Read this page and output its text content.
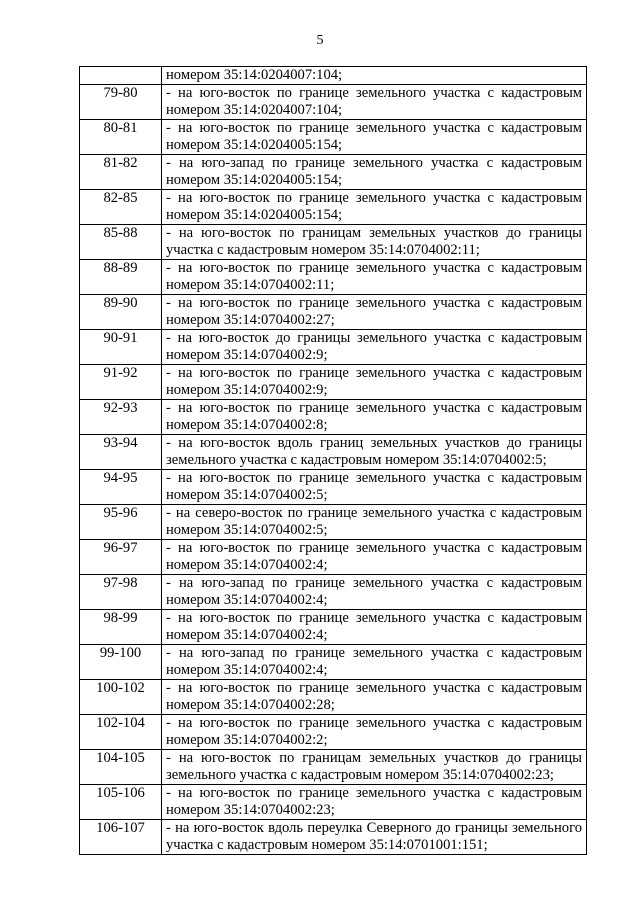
5
	номером 35:14:0204007:104;
79-80	- на юго-восток по границе земельного участка с кадастровым номером 35:14:0204007:104;
80-81	- на юго-восток по границе земельного участка с кадастровым номером 35:14:0204005:154;
81-82	- на юго-запад по границе земельного участка с кадастровым номером 35:14:0204005:154;
82-85	- на юго-восток по границе земельного участка с кадастровым номером 35:14:0204005:154;
85-88	- на юго-восток по границам земельных участков до границы участка с кадастровым номером 35:14:0704002:11;
88-89	- на юго-восток по границе земельного участка с кадастровым номером 35:14:0704002:11;
89-90	- на юго-восток по границе земельного участка с кадастровым номером 35:14:0704002:27;
90-91	- на юго-восток до границы земельного участка с кадастровым номером 35:14:0704002:9;
91-92	- на юго-восток по границе земельного участка с кадастровым номером 35:14:0704002:9;
92-93	- на юго-восток по границе земельного участка с кадастровым номером 35:14:0704002:8;
93-94	- на юго-восток вдоль границ земельных участков до границы земельного участка с кадастровым номером 35:14:0704002:5;
94-95	- на юго-восток по границе земельного участка с кадастровым номером 35:14:0704002:5;
95-96	- на северо-восток по границе земельного участка с кадастровым номером 35:14:0704002:5;
96-97	- на юго-восток по границе земельного участка с кадастровым номером 35:14:0704002:4;
97-98	- на юго-запад по границе земельного участка с кадастровым номером 35:14:0704002:4;
98-99	- на юго-восток по границе земельного участка с кадастровым номером 35:14:0704002:4;
99-100	- на юго-запад по границе земельного участка с кадастровым номером 35:14:0704002:4;
100-102	- на юго-восток по границе земельного участка с кадастровым номером 35:14:0704002:28;
102-104	- на юго-восток по границе земельного участка с кадастровым номером 35:14:0704002:2;
104-105	- на юго-восток по границам земельных участков до границы земельного участка с кадастровым номером 35:14:0704002:23;
105-106	- на юго-восток по границе земельного участка с кадастровым номером 35:14:0704002:23;
106-107	- на юго-восток вдоль переулка Северного до границы земельного участка с кадастровым номером 35:14:0701001:151;
